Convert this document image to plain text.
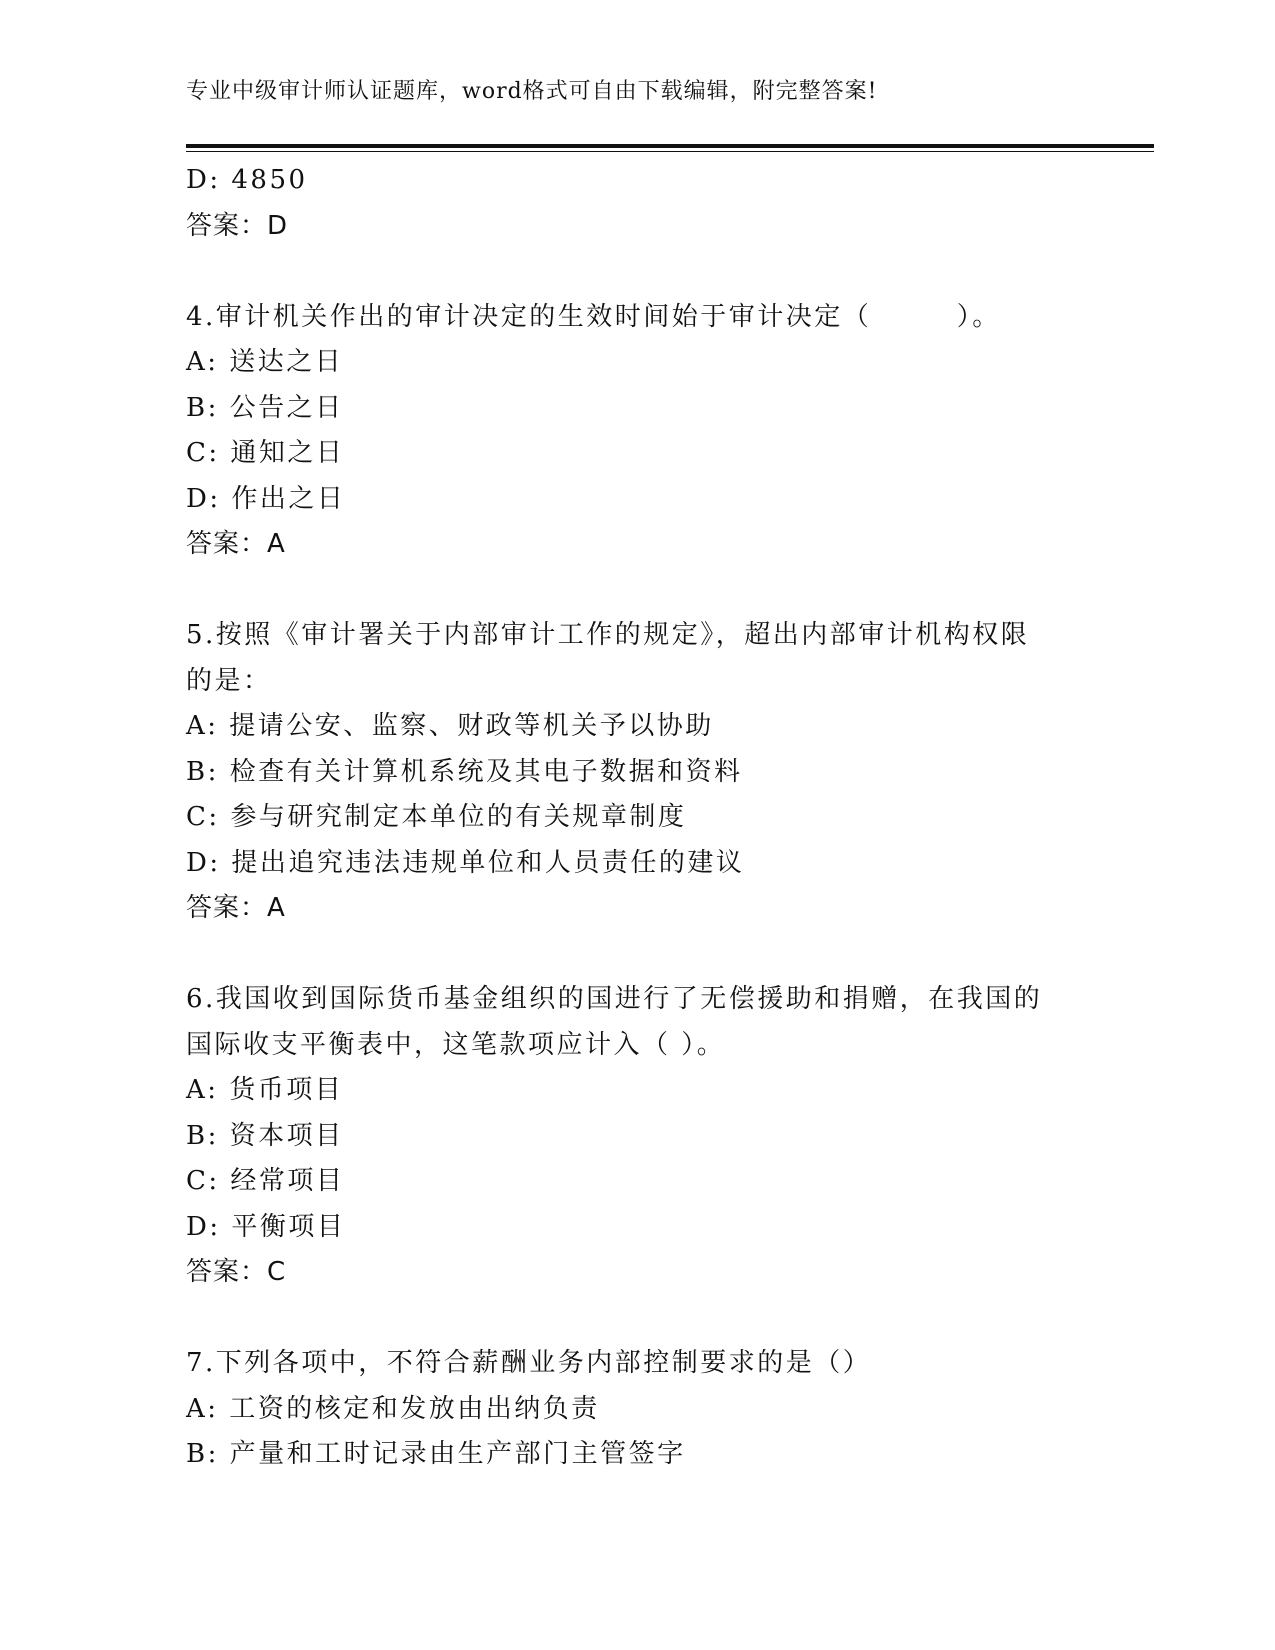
专业中级审计师认证题库，word格式可自由下载编辑，附完整答案!
D: 4850
答案：D
4.审计机关作出的审计决定的生效时间始于审计决定（　　　）。
A: 送达之日
B: 公告之日
C: 通知之日
D: 作出之日
答案：A
5.按照《审计署关于内部审计工作的规定》，超出内部审计机构权限
的是：
A: 提请公安、监察、财政等机关予以协助
B: 检查有关计算机系统及其电子数据和资料
C: 参与研究制定本单位的有关规章制度
D: 提出追究违法违规单位和人员责任的建议
答案：A
6.我国收到国际货币基金组织的国进行了无偿援助和捐赠，在我国的
国际收支平衡表中，这笔款项应计入（ ）。
A: 货币项目
B: 资本项目
C: 经常项目
D: 平衡项目
答案：C
7.下列各项中，不符合薪酬业务内部控制要求的是（）
A: 工资的核定和发放由出纳负责
B: 产量和工时记录由生产部门主管签字
